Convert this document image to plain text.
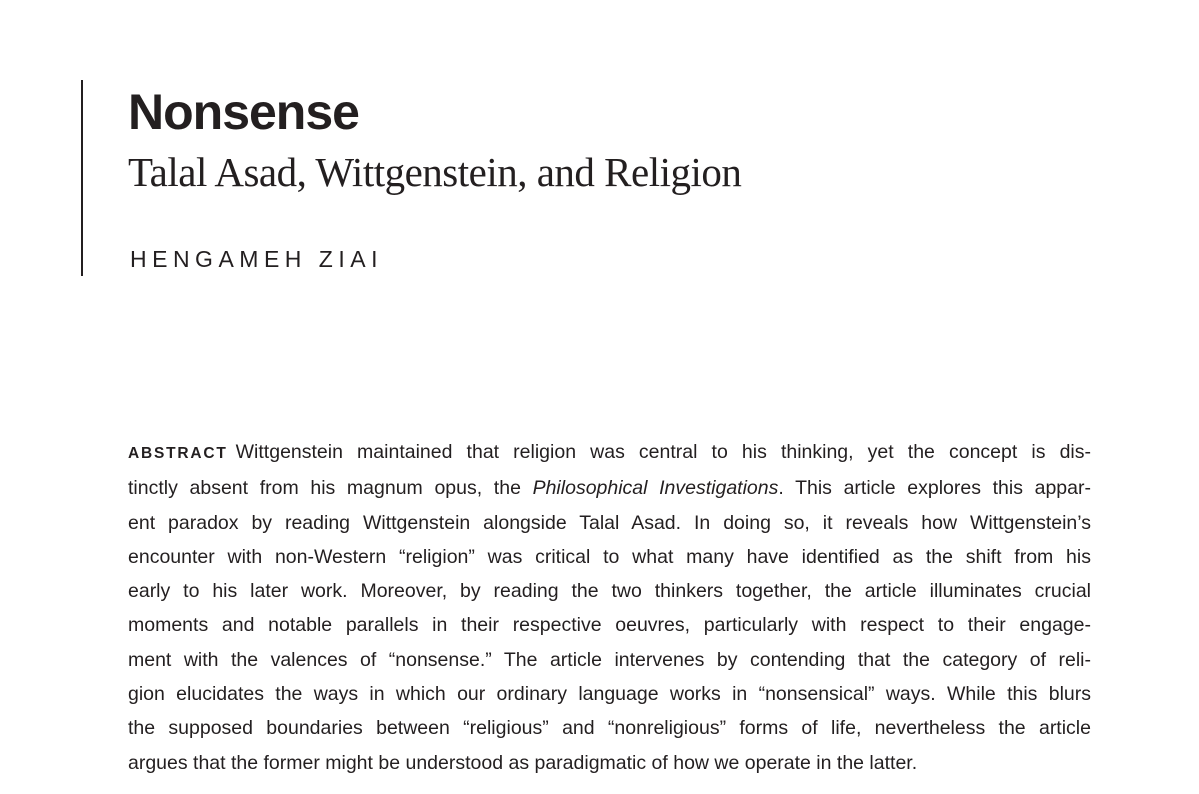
Nonsense
Talal Asad, Wittgenstein, and Religion
HENGAMEH ZIAI
ABSTRACT Wittgenstein maintained that religion was central to his thinking, yet the concept is dis-
tinctly absent from his magnum opus, the Philosophical Investigations. This article explores this appar-
ent paradox by reading Wittgenstein alongside Talal Asad. In doing so, it reveals how Wittgenstein’s
encounter with non-Western “religion” was critical to what many have identified as the shift from his
early to his later work. Moreover, by reading the two thinkers together, the article illuminates crucial
moments and notable parallels in their respective oeuvres, particularly with respect to their engage-
ment with the valences of “nonsense.” The article intervenes by contending that the category of reli-
gion elucidates the ways in which our ordinary language works in “nonsensical” ways. While this blurs
the supposed boundaries between “religious” and “nonreligious” forms of life, nevertheless the article
argues that the former might be understood as paradigmatic of how we operate in the latter.
